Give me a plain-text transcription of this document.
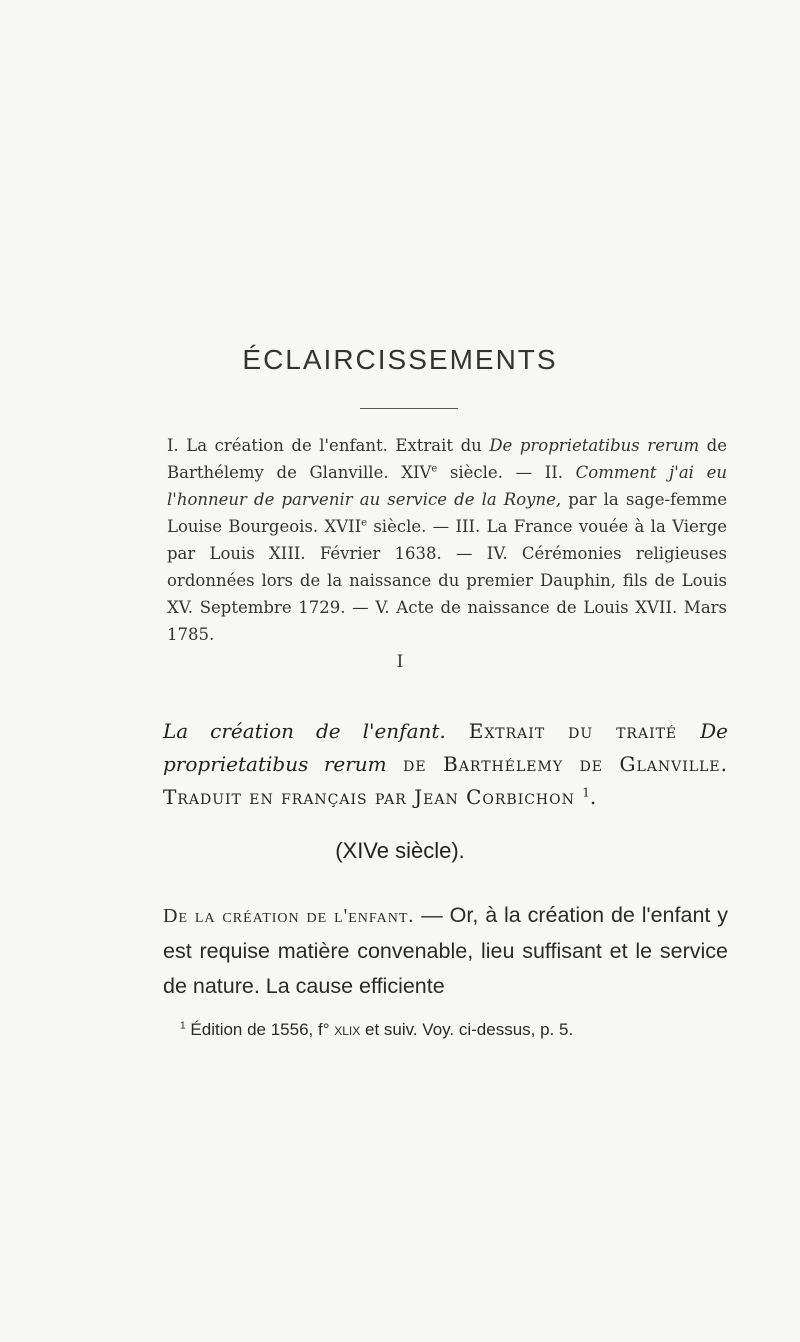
ÉCLAIRCISSEMENTS

I. La création de l'enfant. Extrait du De proprietatibus rerum de Barthélemy de Glanville. XIVe siècle. — II. Comment j'ai eu l'honneur de parvenir au service de la Royne, par la sage-femme Louise Bourgeois. XVIIe siècle. — III. La France vouée à la Vierge par Louis XIII. Février 1638. — IV. Cérémonies religieuses ordonnées lors de la naissance du premier Dauphin, fils de Louis XV. Septembre 1729. — V. Acte de naissance de Louis XVII. Mars 1785.

I

La création de l'enfant. Extrait du traité De proprietatibus rerum de Barthélemy de Glanville. Traduit en français par Jean Corbichon $^1$.

(XIVe siècle).

De la création de l'enfant. — Or, à la création de l'enfant y est requise matière convenable, lieu suffisant et le service de nature. La cause efficiente

$^1$ Édition de 1556, f° xlix et suiv. Voy. ci-dessus, p. 5.
